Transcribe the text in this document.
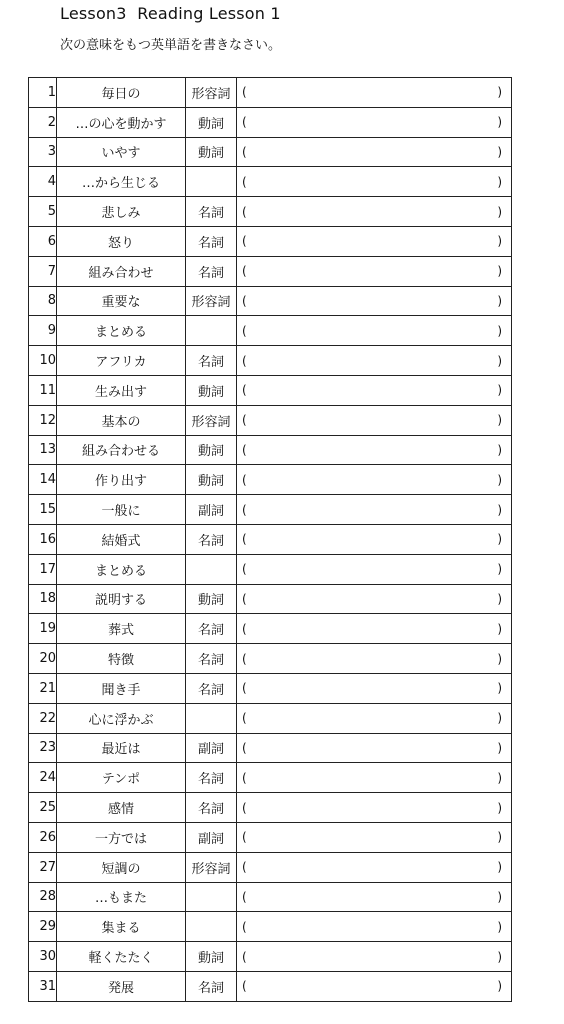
Lesson3  Reading Lesson 1
次の意味をもつ英単語を書きなさい。
1	毎日の	形容詞	( )

2	…の心を動かす	動詞	( )

3	いやす	動詞	( )

4	…から生じる		( )

5	悲しみ	名詞	( )

6	怒り	名詞	( )

7	組み合わせ	名詞	( )

8	重要な	形容詞	( )

9	まとめる		( )

10	アフリカ	名詞	( )

11	生み出す	動詞	( )

12	基本の	形容詞	( )

13	組み合わせる	動詞	( )

14	作り出す	動詞	( )

15	一般に	副詞	( )

16	結婚式	名詞	( )

17	まとめる		( )

18	説明する	動詞	( )

19	葬式	名詞	( )

20	特徴	名詞	( )

21	聞き手	名詞	( )

22	心に浮かぶ		( )

23	最近は	副詞	( )

24	テンポ	名詞	( )

25	感情	名詞	( )

26	一方では	副詞	( )

27	短調の	形容詞	( )

28	…もまた		( )

29	集まる		( )

30	軽くたたく	動詞	( )

31	発展	名詞	( )
